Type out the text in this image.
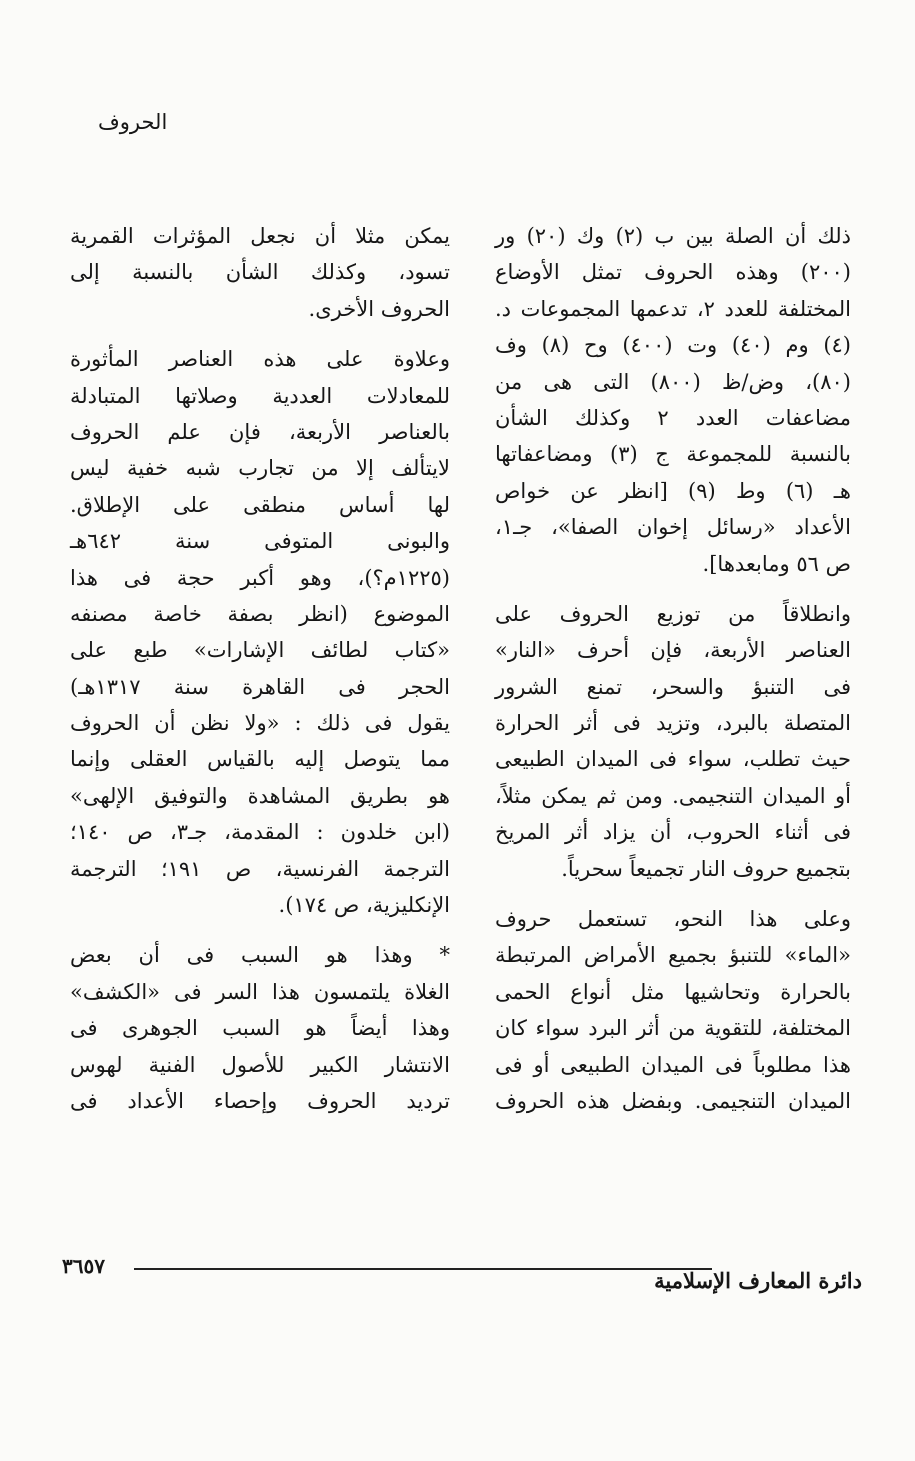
الحروف
ذلك أن الصلة بين ب (٢) وك (٢٠) ور
(٢٠٠) وهذه الحروف تمثل الأوضاع
المختلفة للعدد ٢، تدعمها المجموعات د.
(٤) وم (٤٠) وت (٤٠٠) وح (٨) وف
(٨٠)، وض/ظ (٨٠٠) التى هى من
مضاعفات العدد ٢ وكذلك الشأن
بالنسبة للمجموعة ج (٣) ومضاعفاتها
هـ (٦) وط (٩) [انظر عن خواص
الأعداد «رسائل إخوان الصفا»، جـ١،
ص ٥٦ ومابعدها].
وانطلاقاً من توزيع الحروف على
العناصر الأربعة، فإن أحرف «النار»
فى التنبؤ والسحر، تمنع الشرور
المتصلة بالبرد، وتزيد فى أثر الحرارة
حيث تطلب، سواء فى الميدان الطبيعى
أو الميدان التنجيمى. ومن ثم يمكن مثلاً،
فى أثناء الحروب، أن يزاد أثر المريخ
بتجميع حروف النار تجميعاً سحرياً.
وعلى هذا النحو، تستعمل حروف
«الماء» للتنبؤ بجميع الأمراض المرتبطة
بالحرارة وتحاشيها مثل أنواع الحمى
المختلفة، للتقوية من أثر البرد سواء كان
هذا مطلوباً فى الميدان الطبيعى أو فى
الميدان التنجيمى. وبفضل هذه الحروف
يمكن مثلا أن نجعل المؤثرات القمرية
تسود، وكذلك الشأن بالنسبة إلى
الحروف الأخرى.
وعلاوة على هذه العناصر المأثورة
للمعادلات العددية وصلاتها المتبادلة
بالعناصر الأربعة، فإن علم الحروف
لايتألف إلا من تجارب شبه خفية ليس
لها أساس منطقى على الإطلاق.
والبونى المتوفى سنة ٦٤٢هـ
(١٢٢٥م؟)، وهو أكبر حجة فى هذا
الموضوع (انظر بصفة خاصة مصنفه
«كتاب لطائف الإشارات» طبع على
الحجر فى القاهرة سنة ١٣١٧هـ)
يقول فى ذلك : «ولا نظن أن الحروف
مما يتوصل إليه بالقياس العقلى وإنما
هو بطريق المشاهدة والتوفيق الإلهى»
(ابن خلدون : المقدمة، جـ٣، ص ١٤٠؛
الترجمة الفرنسية، ص ١٩١؛ الترجمة
الإنكليزية، ص ١٧٤).
* وهذا هو السبب فى أن بعض
الغلاة يلتمسون هذا السر فى «الكشف»
وهذا أيضاً هو السبب الجوهرى فى
الانتشار الكبير للأصول الفنية لهوس
ترديد الحروف وإحصاء الأعداد فى
٣٦٥٧
دائرة المعارف الإسلامية
